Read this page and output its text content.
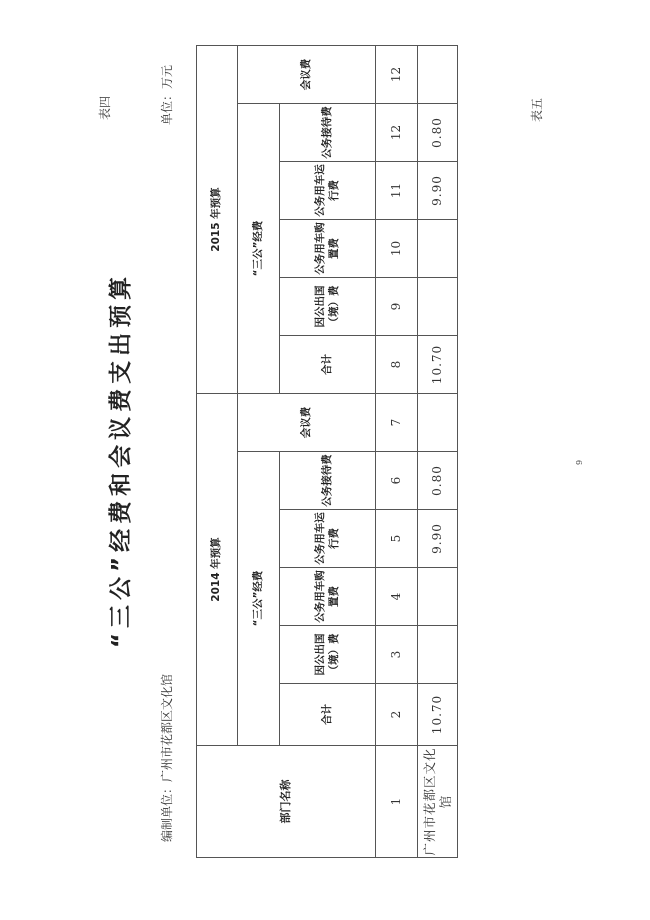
表四	表五
“三公”经费和会议费支出预算
编制单位：广州市花都区文化馆
单位：万元
9
部门名称	2014 年预算						2015 年预算					
	“三公”经费					会议费	“三公”经费					会议费
	合计	因公出国（境）费	公务用车购置费	公务用车运行费	公务接待费		合计	因公出国（境）费	公务用车购置费	公务用车运行费	公务接待费	
1	2	3	4	5	6	7	8	9	10	11	12	12
广州市花都区文化馆	10.70			9.90	0.80		10.70			9.90	0.80	
